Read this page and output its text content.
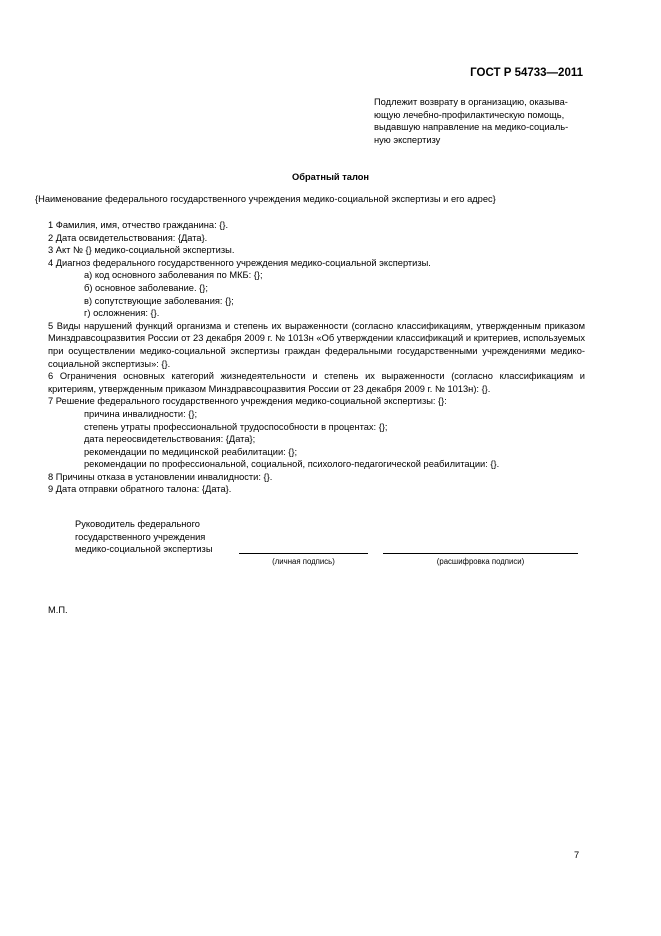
ГОСТ Р 54733—2011
Подлежит возврату в организацию, оказыва-
ющую лечебно-профилактическую помощь,
выдавшую направление на медико-социаль-
ную экспертизу
Обратный талон
{Наименование федерального государственного учреждения медико-социальной экспертизы и его адрес}
1 Фамилия, имя, отчество гражданина: {}.
2 Дата освидетельствования: {Дата}.
3 Акт № {} медико-социальной экспертизы.
4 Диагноз федерального государственного учреждения медико-социальной экспертизы.
а) код основного заболевания по МКБ: {};
б) основное заболевание. {};
в) сопутствующие заболевания: {};
г) осложнения: {}.
5 Виды нарушений функций организма и степень их выраженности (согласно классификациям, утвержденным приказом Минздравсоцразвития России от 23 декабря 2009 г. № 1013н «Об утверждении классификаций и критериев, используемых при осуществлении медико-социальной экспертизы граждан федеральными государственными учреждениями медико-социальной экспертизы»: {}.
6 Ограничения основных категорий жизнедеятельности и степень их выраженности (согласно классификациям и критериям, утвержденным приказом Минздравсоцразвития России от 23 декабря 2009 г. № 1013н): {}.
7 Решение федерального государственного учреждения медико-социальной экспертизы: {}:
причина инвалидности: {};
степень утраты профессиональной трудоспособности в процентах: {};
дата переосвидетельствования: {Дата};
рекомендации по медицинской реабилитации: {};
рекомендации по профессиональной, социальной, психолого-педагогической реабилитации: {}.
8 Причины отказа в установлении инвалидности: {}.
9 Дата отправки обратного талона: {Дата}.
Руководитель федерального
государственного учреждения
медико-социальной экспертизы
(личная подпись)	(расшифровка подписи)
М.П.
7
